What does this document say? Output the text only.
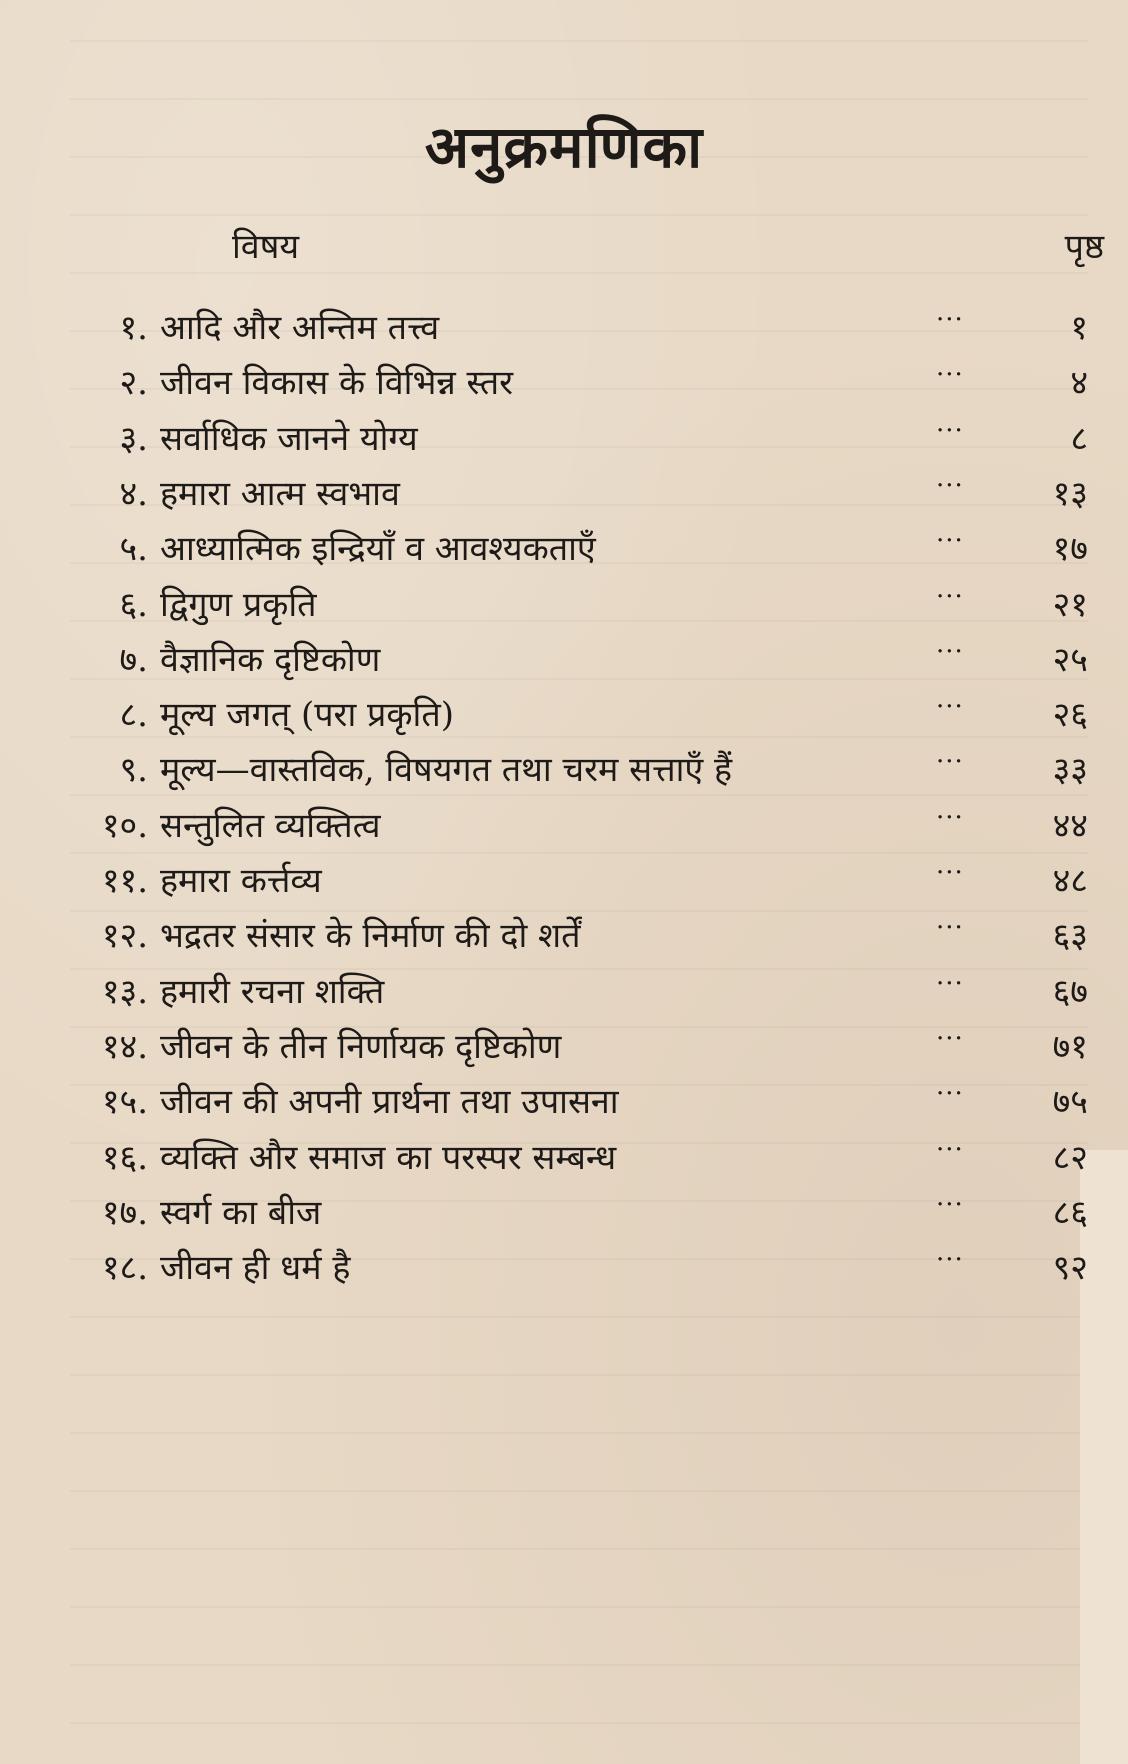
अनुक्रमणिका
विषय	पृष्ठ
१. आदि और अन्तिम तत्त्व	···	१
२. जीवन विकास के विभिन्न स्तर	···	४
३. सर्वाधिक जानने योग्य	···	८
४. हमारा आत्म स्वभाव	···	१३
५. आध्यात्मिक इन्द्रियाँ व आवश्यकताएँ	···	१७
६. द्विगुण प्रकृति	···	२१
७. वैज्ञानिक दृष्टिकोण	···	२५
८. मूल्य जगत् (परा प्रकृति)	···	२६
९. मूल्य—वास्तविक, विषयगत तथा चरम सत्ताएँ हैं	···	३३
१०. सन्तुलित व्यक्तित्व	···	४४
११. हमारा कर्त्तव्य	···	४८
१२. भद्रतर संसार के निर्माण की दो शर्तें	···	६३
१३. हमारी रचना शक्ति	···	६७
१४. जीवन के तीन निर्णायक दृष्टिकोण	···	७१
१५. जीवन की अपनी प्रार्थना तथा उपासना	···	७५
१६. व्यक्ति और समाज का परस्पर सम्बन्ध	···	८२
१७. स्वर्ग का बीज	···	८६
१८. जीवन ही धर्म है	···	९२
